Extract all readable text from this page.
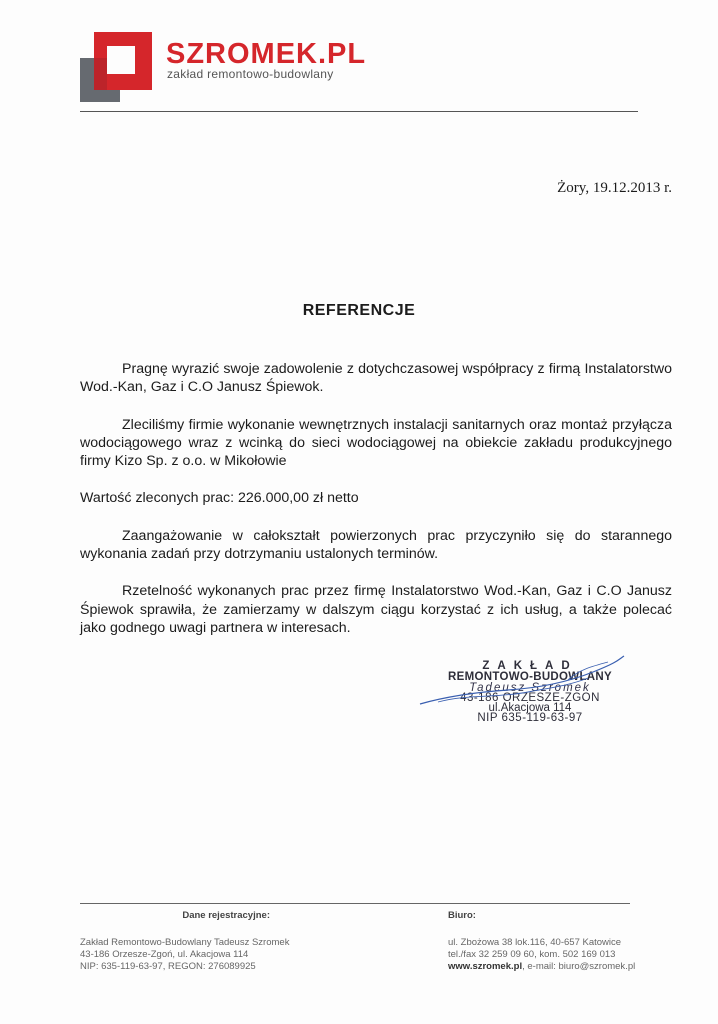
SZROMEK.PL
zakład remontowo-budowlany
Żory, 19.12.2013 r.
REFERENCJE

Pragnę wyrazić swoje zadowolenie z dotychczasowej współpracy z firmą Instalatorstwo Wod.-Kan, Gaz i C.O Janusz Śpiewok.

Zleciliśmy firmie wykonanie wewnętrznych instalacji sanitarnych oraz montaż przyłącza wodociągowego wraz z wcinką do sieci wodociągowej na obiekcie zakładu produkcyjnego firmy Kizo Sp. z o.o. w Mikołowie

Wartość zleconych prac: 226.000,00 zł netto

Zaangażowanie w całokształt powierzonych prac przyczyniło się do starannego wykonania zadań przy dotrzymaniu ustalonych terminów.

Rzetelność wykonanych prac przez firmę Instalatorstwo Wod.-Kan, Gaz i C.O Janusz Śpiewok sprawiła, że zamierzamy w dalszym ciągu korzystać z ich usług, a także polecać jako godnego uwagi partnera w interesach.

ZAKŁAD
REMONTOWO-BUDOWLANY
Tadeusz Szromek
43-186 ORZESZE-ZGON
ul.Akacjowa 114
NIP 635-119-63-97
Dane rejestracyjne:
Zakład Remontowo-Budowlany Tadeusz Szromek
43-186 Orzesze-Zgoń, ul. Akacjowa 114
NIP: 635-119-63-97, REGON: 276089925
Biuro:
ul. Zbożowa 38 lok.116, 40-657 Katowice
tel./fax 32 259 09 60, kom. 502 169 013
www.szromek.pl, e-mail: biuro@szromek.pl
